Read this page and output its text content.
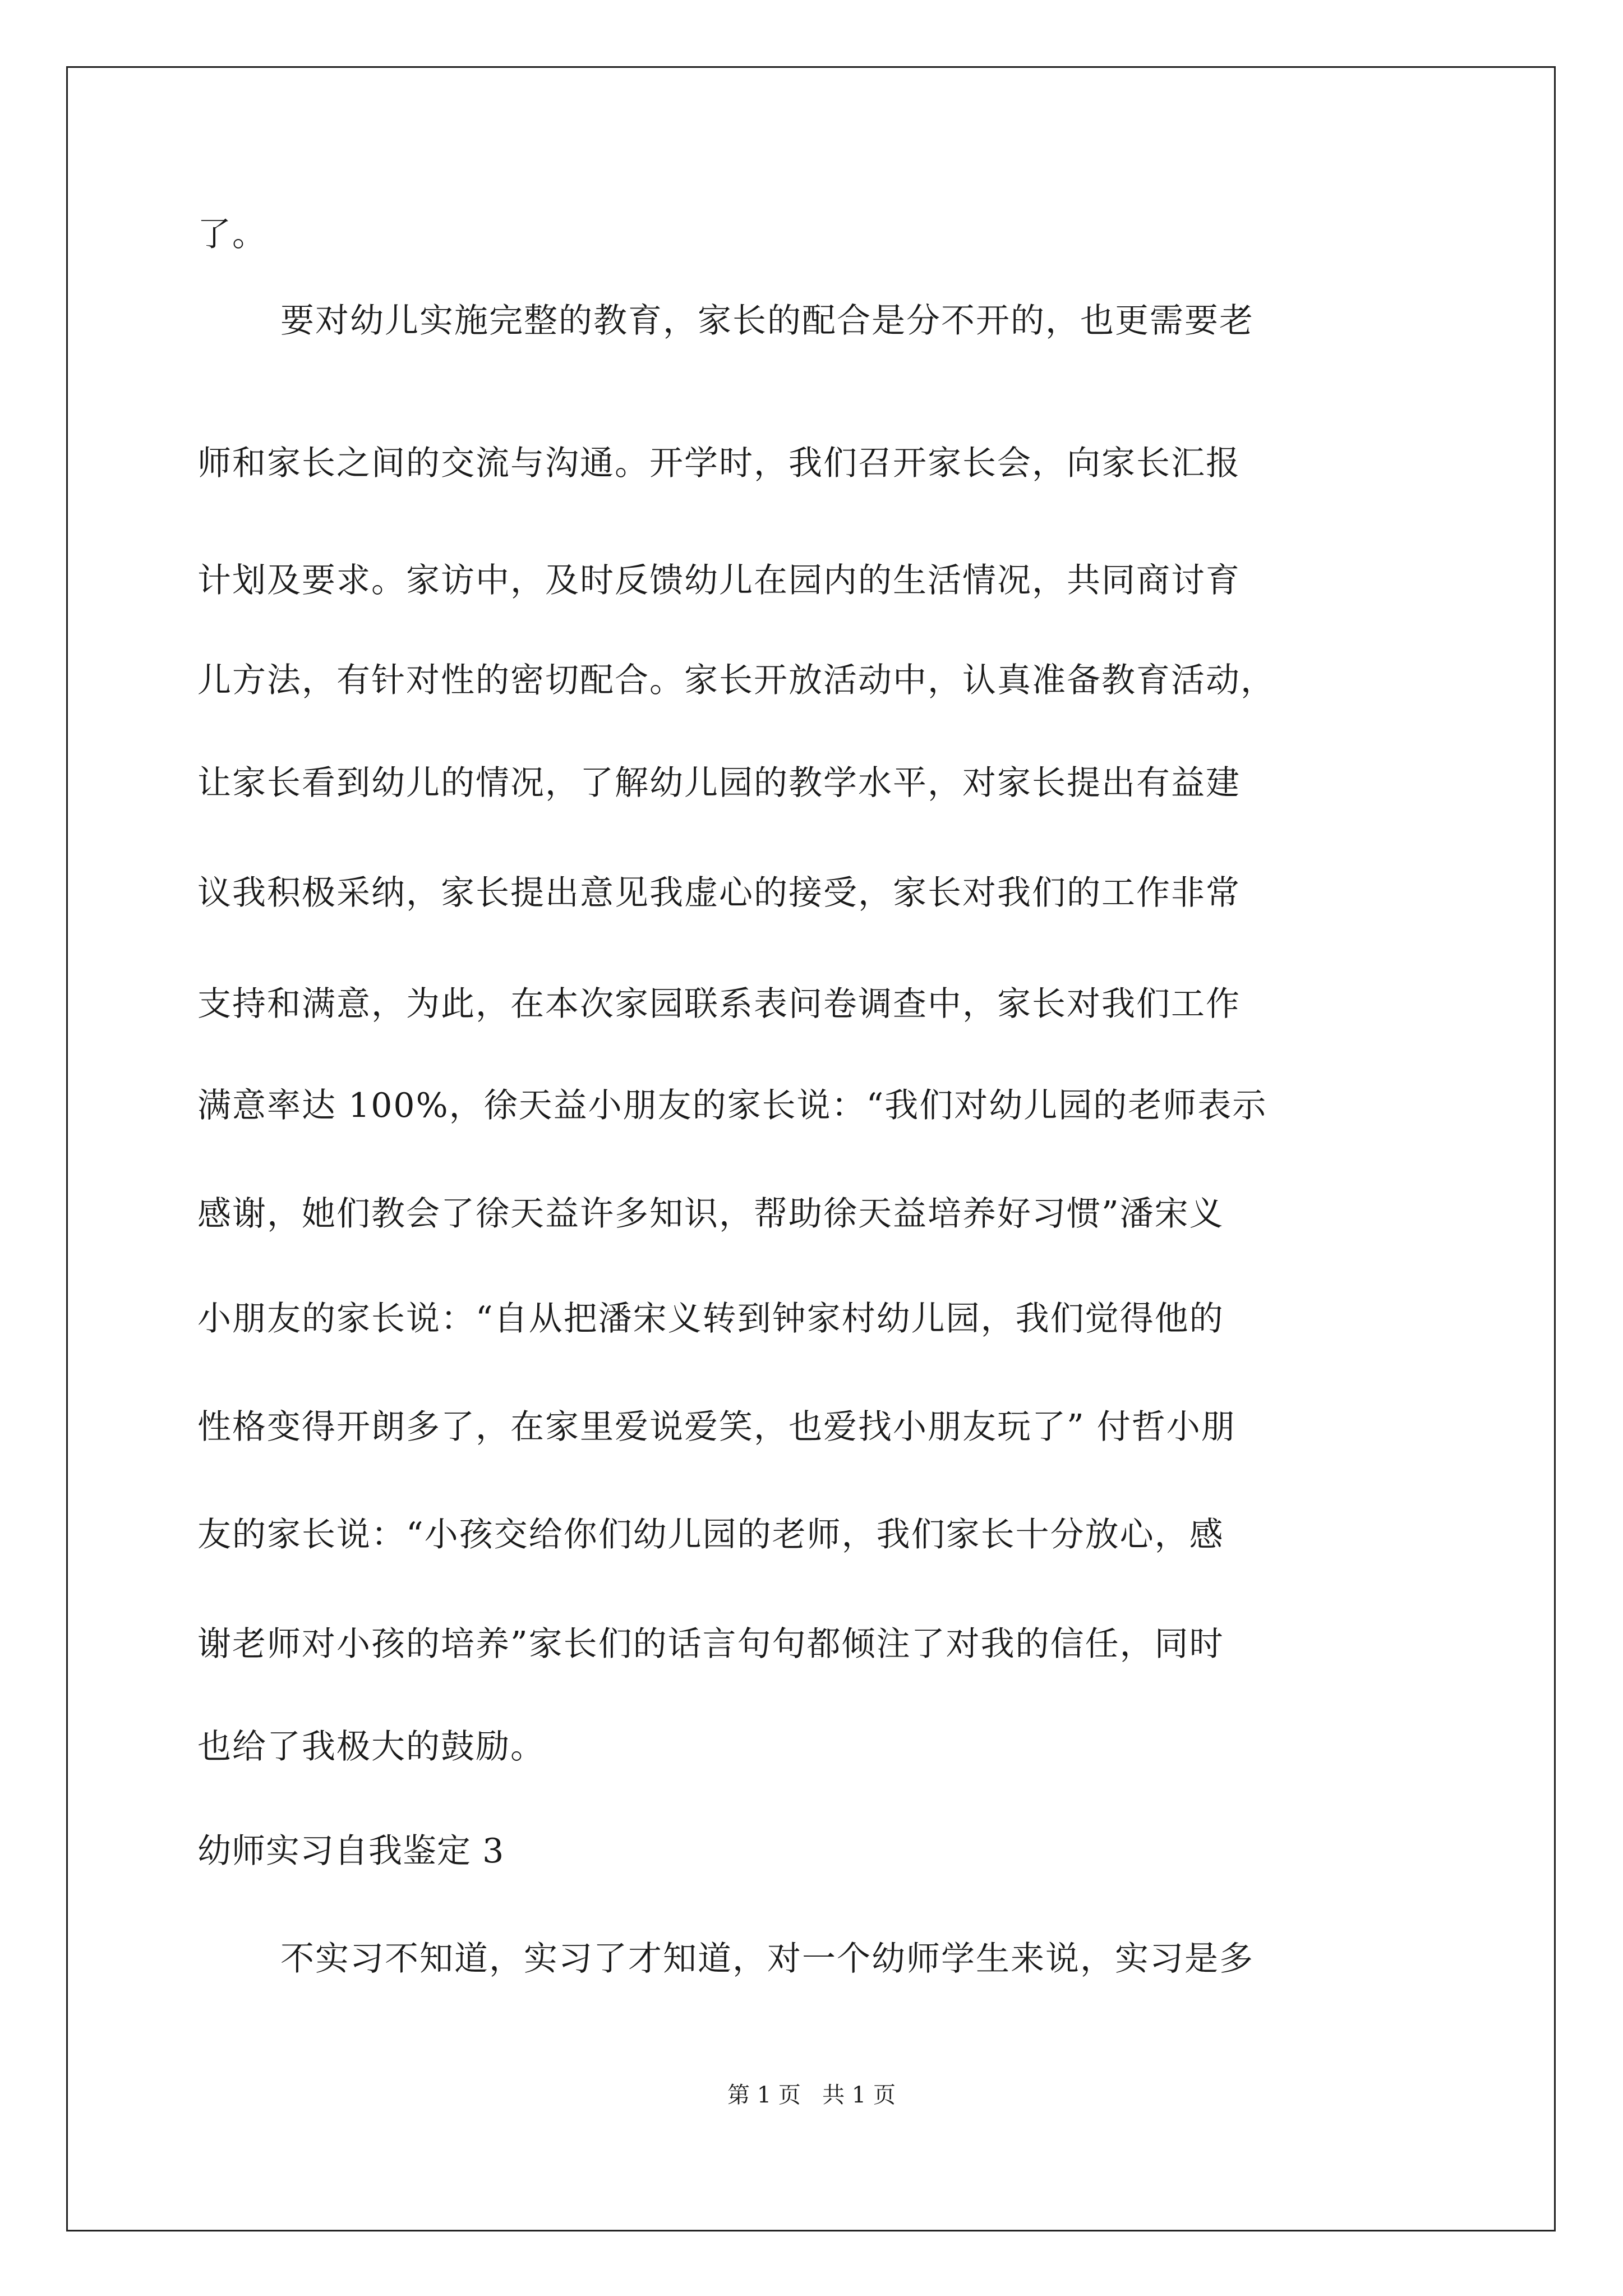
了。
要对幼儿实施完整的教育，家长的配合是分不开的，也更需要老
师和家长之间的交流与沟通。开学时，我们召开家长会，向家长汇报
计划及要求。家访中，及时反馈幼儿在园内的生活情况，共同商讨育
儿方法，有针对性的密切配合。家长开放活动中，认真准备教育活动，
让家长看到幼儿的情况，了解幼儿园的教学水平，对家长提出有益建
议我积极采纳，家长提出意见我虚心的接受，家长对我们的工作非常
支持和满意，为此，在本次家园联系表问卷调查中，家长对我们工作
满意率达 100%，徐天益小朋友的家长说：“我们对幼儿园的老师表示
感谢，她们教会了徐天益许多知识，帮助徐天益培养好习惯”潘宋义
小朋友的家长说：“自从把潘宋义转到钟家村幼儿园，我们觉得他的
性格变得开朗多了，在家里爱说爱笑，也爱找小朋友玩了” 付哲小朋
友的家长说：“小孩交给你们幼儿园的老师，我们家长十分放心，感
谢老师对小孩的培养”家长们的话言句句都倾注了对我的信任，同时
也给了我极大的鼓励。
幼师实习自我鉴定 3
不实习不知道，实习了才知道，对一个幼师学生来说，实习是多
第 1 页   共 1 页
